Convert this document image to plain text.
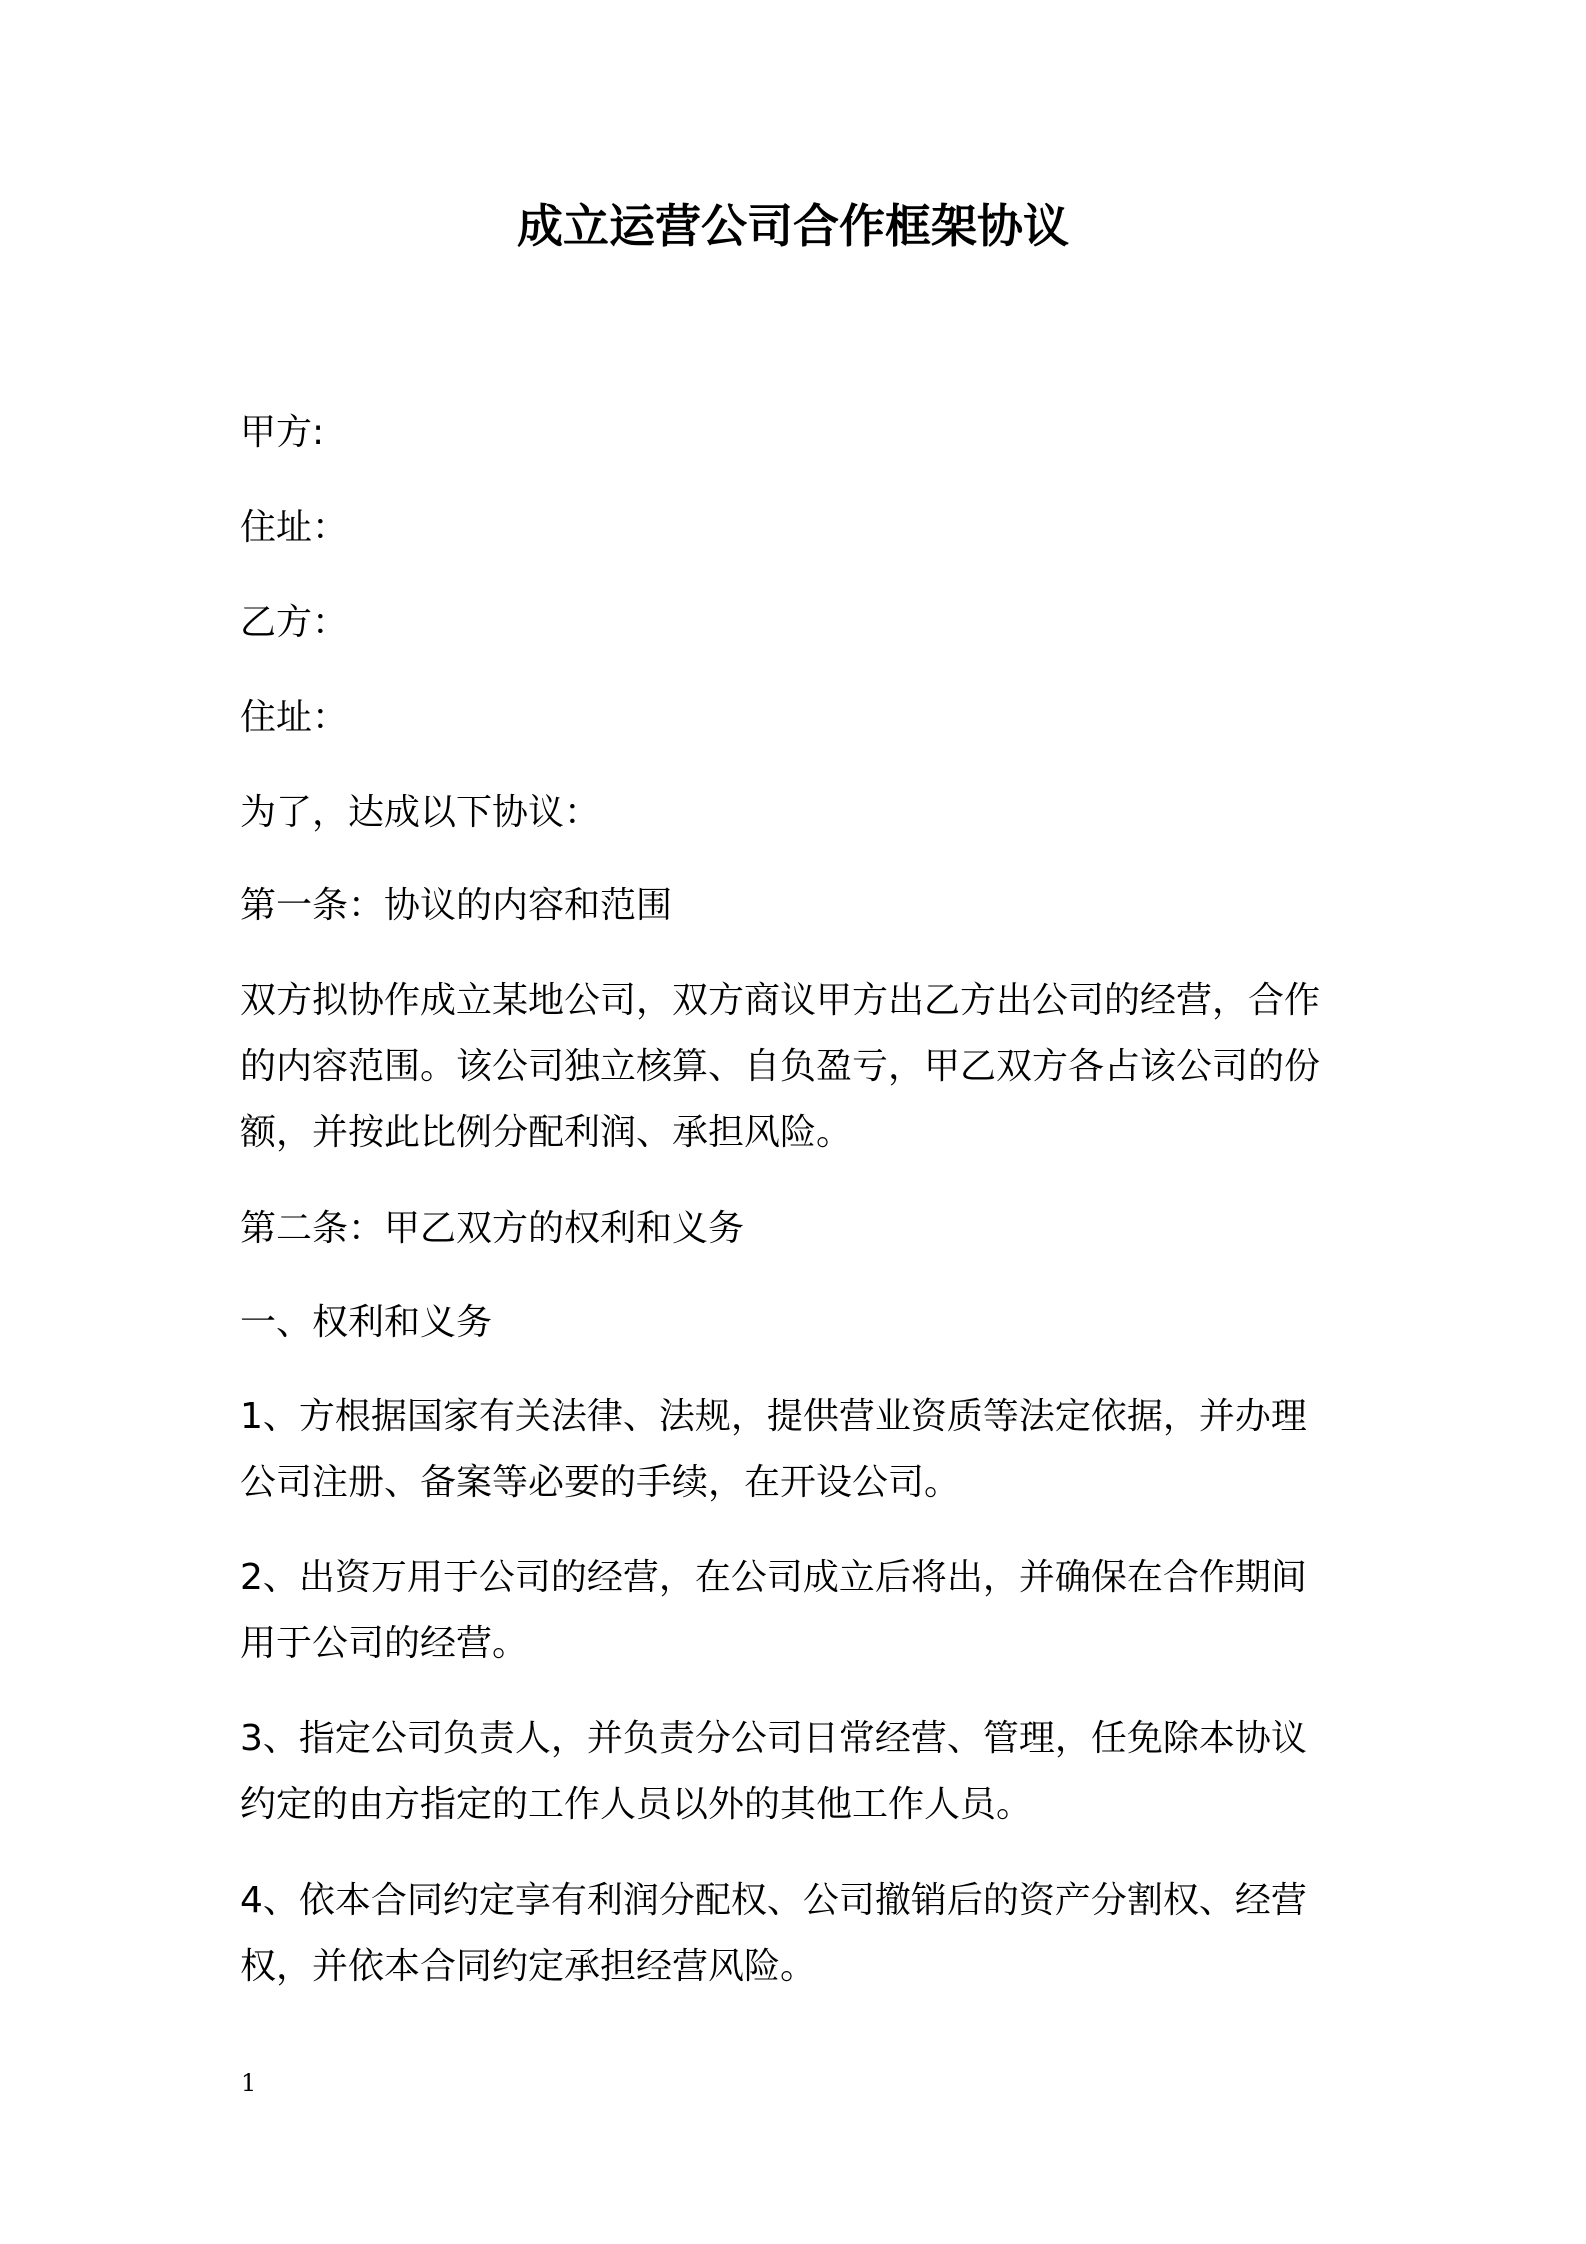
成立运营公司合作框架协议

甲方:

住址：

乙方：

住址：

为了，达成以下协议：

第一条：协议的内容和范围

双方拟协作成立某地公司，双方商议甲方出乙方出公司的经营，合作
的内容范围。该公司独立核算、自负盈亏，甲乙双方各占该公司的份
额，并按此比例分配利润、承担风险。

第二条：甲乙双方的权利和义务

一、权利和义务

1、方根据国家有关法律、法规，提供营业资质等法定依据，并办理
公司注册、备案等必要的手续，在开设公司。
2、出资万用于公司的经营，在公司成立后将出，并确保在合作期间
用于公司的经营。
3、指定公司负责人，并负责分公司日常经营、管理，任免除本协议
约定的由方指定的工作人员以外的其他工作人员。
4、依本合同约定享有利润分配权、公司撤销后的资产分割权、经营
权，并依本合同约定承担经营风险。
1
